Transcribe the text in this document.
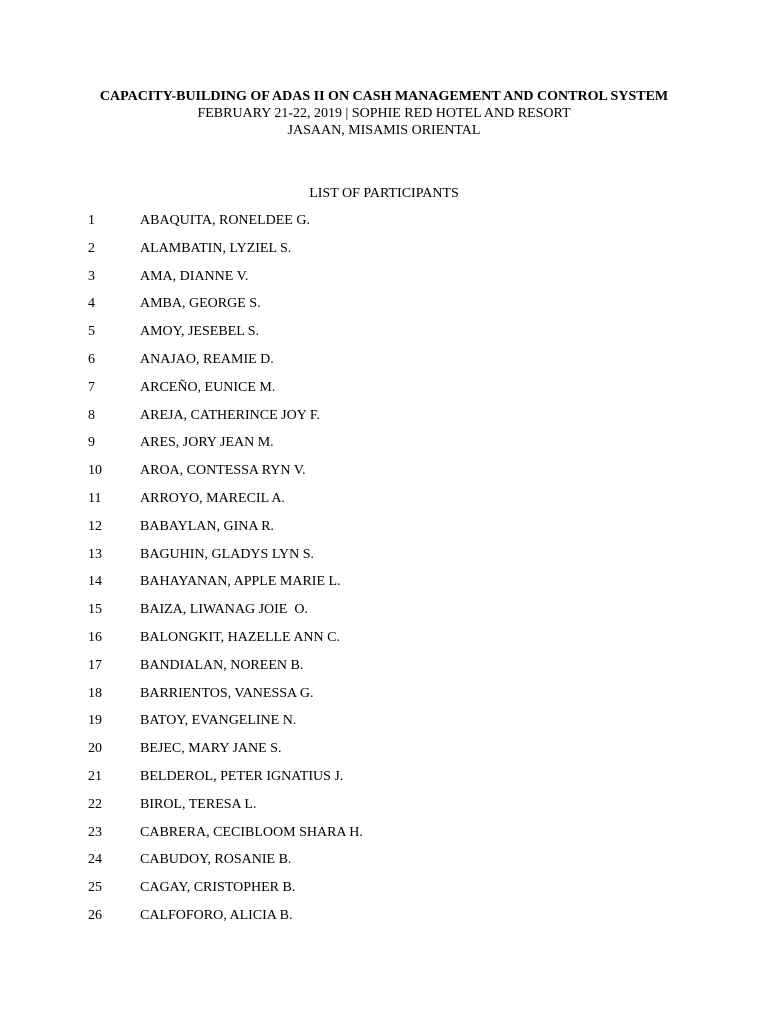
CAPACITY-BUILDING OF ADAS II ON CASH MANAGEMENT AND CONTROL SYSTEM
FEBRUARY 21-22, 2019 | SOPHIE RED HOTEL AND RESORT
JASAAN, MISAMIS ORIENTAL
LIST OF PARTICIPANTS
1	ABAQUITA, RONELDEE G.
2	ALAMBATIN, LYZIEL S.
3	AMA, DIANNE V.
4	AMBA, GEORGE S.
5	AMOY, JESEBEL S.
6	ANAJAO, REAMIE D.
7	ARCEÑO, EUNICE M.
8	AREJA, CATHERINCE JOY F.
9	ARES, JORY JEAN M.
10	AROA, CONTESSA RYN V.
11	ARROYO, MARECIL A.
12	BABAYLAN, GINA R.
13	BAGUHIN, GLADYS LYN S.
14	BAHAYANAN, APPLE MARIE L.
15	BAIZA, LIWANAG JOIE  O.
16	BALONGKIT, HAZELLE ANN C.
17	BANDIALAN, NOREEN B.
18	BARRIENTOS, VANESSA G.
19	BATOY, EVANGELINE N.
20	BEJEC, MARY JANE S.
21	BELDEROL, PETER IGNATIUS J.
22	BIROL, TERESA L.
23	CABRERA, CECIBLOOM SHARA H.
24	CABUDOY, ROSANIE B.
25	CAGAY, CRISTOPHER B.
26	CALFOFORO, ALICIA B.
